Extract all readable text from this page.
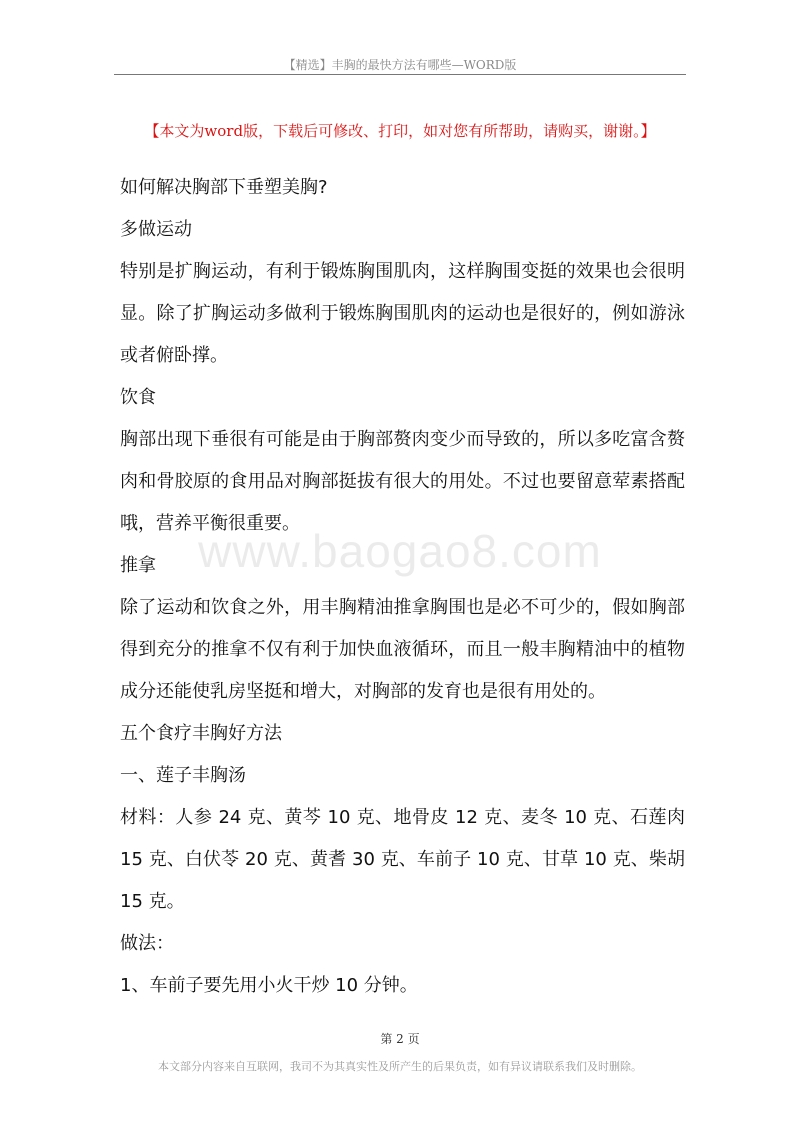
【精选】丰胸的最快方法有哪些—WORD版
【本文为word版，下载后可修改、打印，如对您有所帮助，请购买，谢谢。】

如何解决胸部下垂塑美胸?

多做运动

特别是扩胸运动，有利于锻炼胸围肌肉，这样胸围变挺的效果也会很明显。除了扩胸运动多做利于锻炼胸围肌肉的运动也是很好的，例如游泳或者俯卧撑。

饮食

胸部出现下垂很有可能是由于胸部赘肉变少而导致的，所以多吃富含赘肉和骨胶原的食用品对胸部挺拔有很大的用处。不过也要留意荤素搭配哦，营养平衡很重要。

推拿

除了运动和饮食之外，用丰胸精油推拿胸围也是必不可少的，假如胸部得到充分的推拿不仅有利于加快血液循环，而且一般丰胸精油中的植物成分还能使乳房坚挺和增大，对胸部的发育也是很有用处的。

五个食疗丰胸好方法

一、莲子丰胸汤

材料：人参 24 克、黄芩 10 克、地骨皮 12 克、麦冬 10 克、石莲肉 15 克、白伏苓 20 克、黄耆 30 克、车前子 10 克、甘草 10 克、柴胡 15 克。

做法：

1、车前子要先用小火干炒 10 分钟。

www.baogao8.com
第 2 页
本文部分内容来自互联网，我司不为其真实性及所产生的后果负责，如有异议请联系我们及时删除。
